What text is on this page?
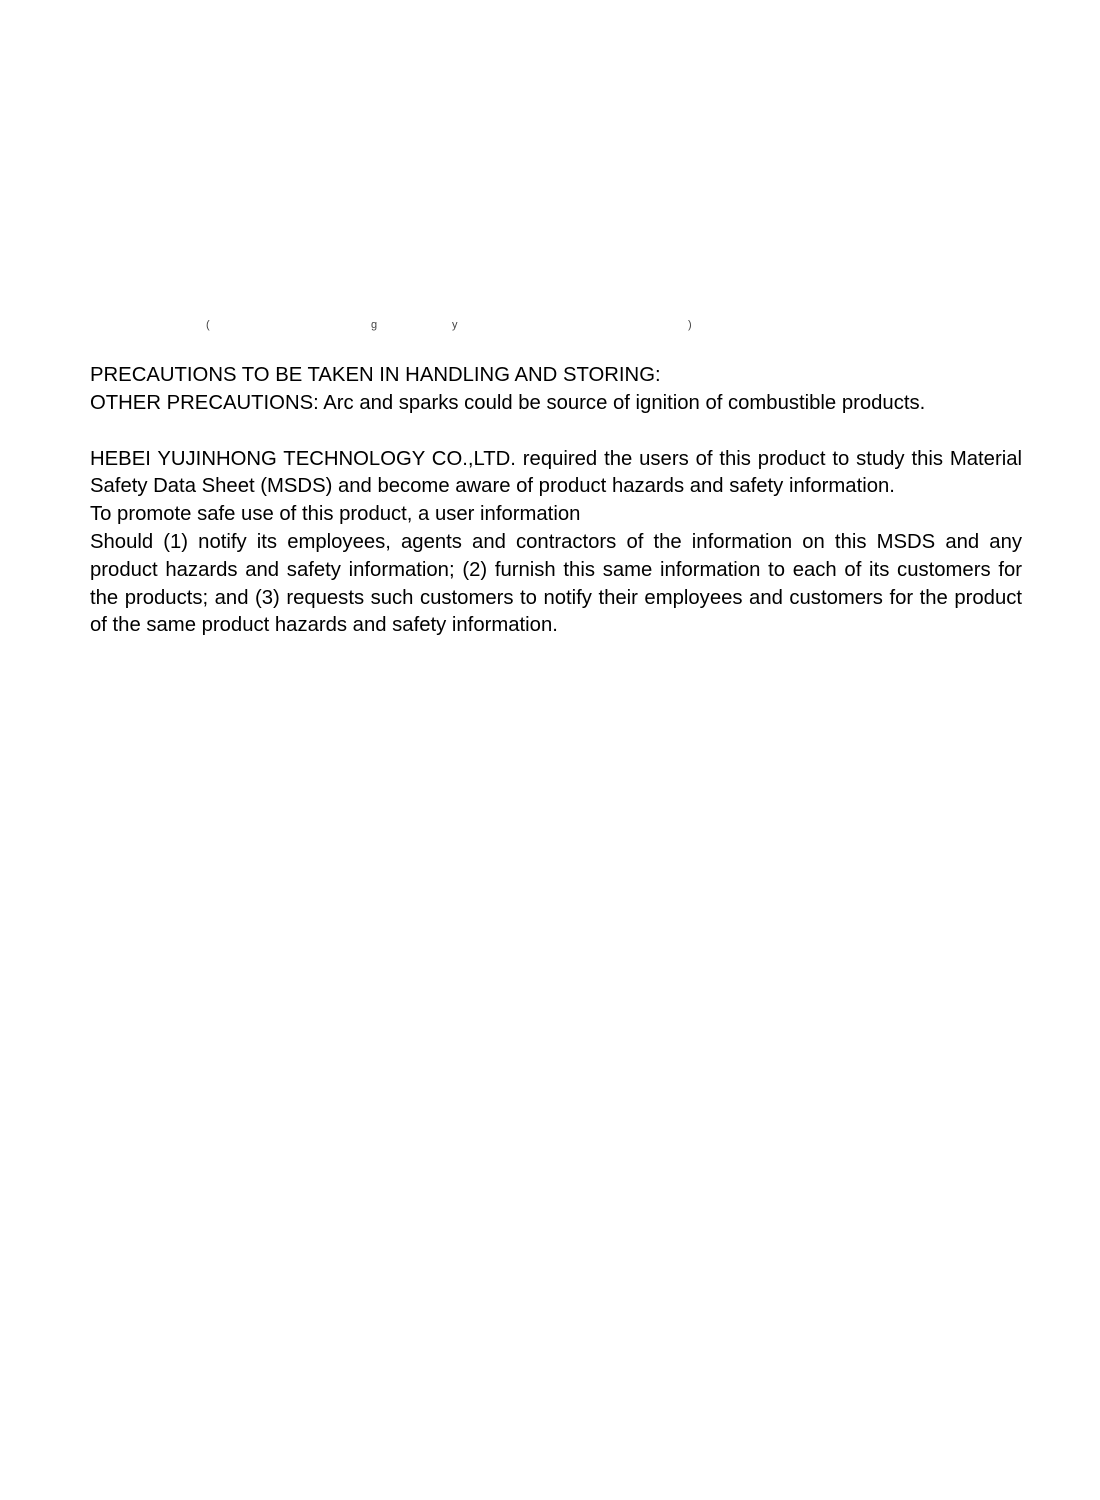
(	g	y	)

PRECAUTIONS TO BE TAKEN IN HANDLING AND STORING:

OTHER PRECAUTIONS: Arc and sparks could be source of ignition of combustible products.

HEBEI YUJINHONG TECHNOLOGY CO.,LTD. required the users of this product to study this Material Safety Data Sheet (MSDS) and become aware of product hazards and safety information.

To promote safe use of this product, a user information

Should (1) notify its employees, agents and contractors of the information on this MSDS and any product hazards and safety information; (2) furnish this same information to each of its customers for the products; and (3) requests such customers to notify their employees and customers for the product of the same product hazards and safety information.
